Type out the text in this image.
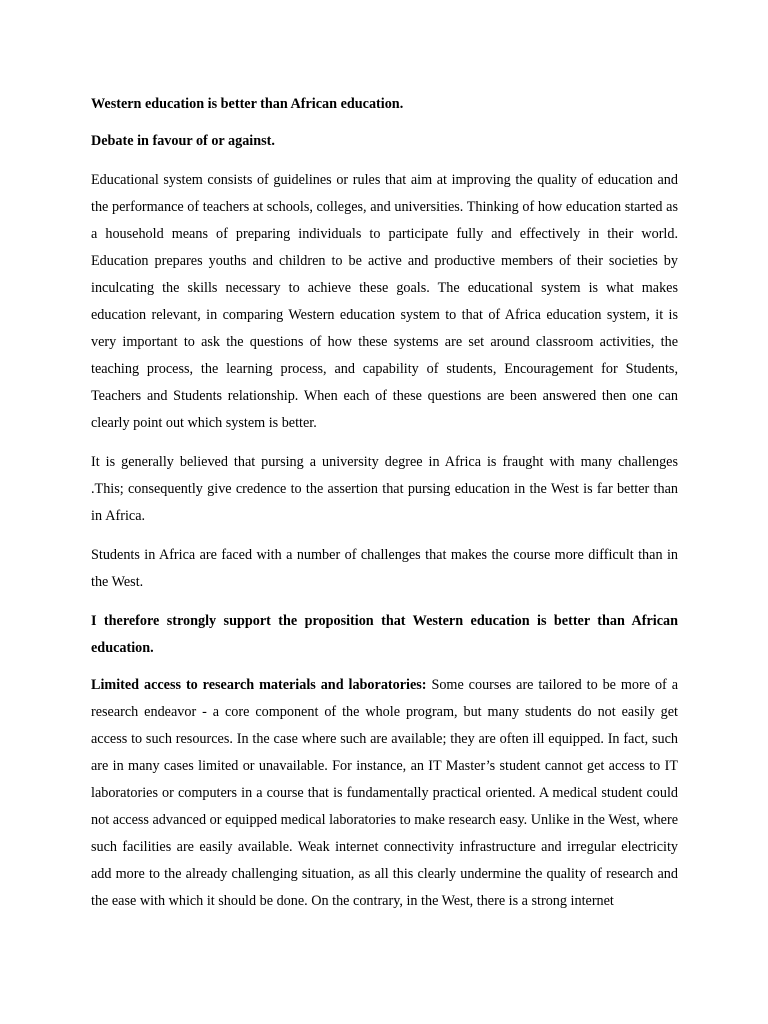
Western education is better than African education.

Debate in favour of or against.

Educational system consists of guidelines or rules that aim at improving the quality of education and the performance of teachers at schools, colleges, and universities. Thinking of how education started as a household means of preparing individuals to participate fully and effectively in their world. Education prepares youths and children to be active and productive members of their societies by inculcating the skills necessary to achieve these goals. The educational system is what makes education relevant, in comparing Western education system to that of Africa education system, it is very important to ask the questions of how these systems are set around classroom activities, the teaching process, the learning process, and capability of students, Encouragement for Students, Teachers and Students relationship. When each of these questions are been answered then one can clearly point out which system is better.

It is generally believed that pursing a university degree in Africa is fraught with many challenges .This; consequently give credence to the assertion that pursing education in the West is far better than in Africa.

Students in Africa are faced with a number of challenges that makes the course more difficult than in the West.

I therefore strongly support the proposition that Western education is better than African education.

Limited access to research materials and laboratories: Some courses are tailored to be more of a research endeavor - a core component of the whole program, but many students do not easily get access to such resources. In the case where such are available; they are often ill equipped. In fact, such are in many cases limited or unavailable. For instance, an IT Master’s student cannot get access to IT laboratories or computers in a course that is fundamentally practical oriented. A medical student could not access advanced or equipped medical laboratories to make research easy. Unlike in the West, where such facilities are easily available. Weak internet connectivity infrastructure and irregular electricity add more to the already challenging situation, as all this clearly undermine the quality of research and the ease with which it should be done. On the contrary, in the West, there is a strong internet
